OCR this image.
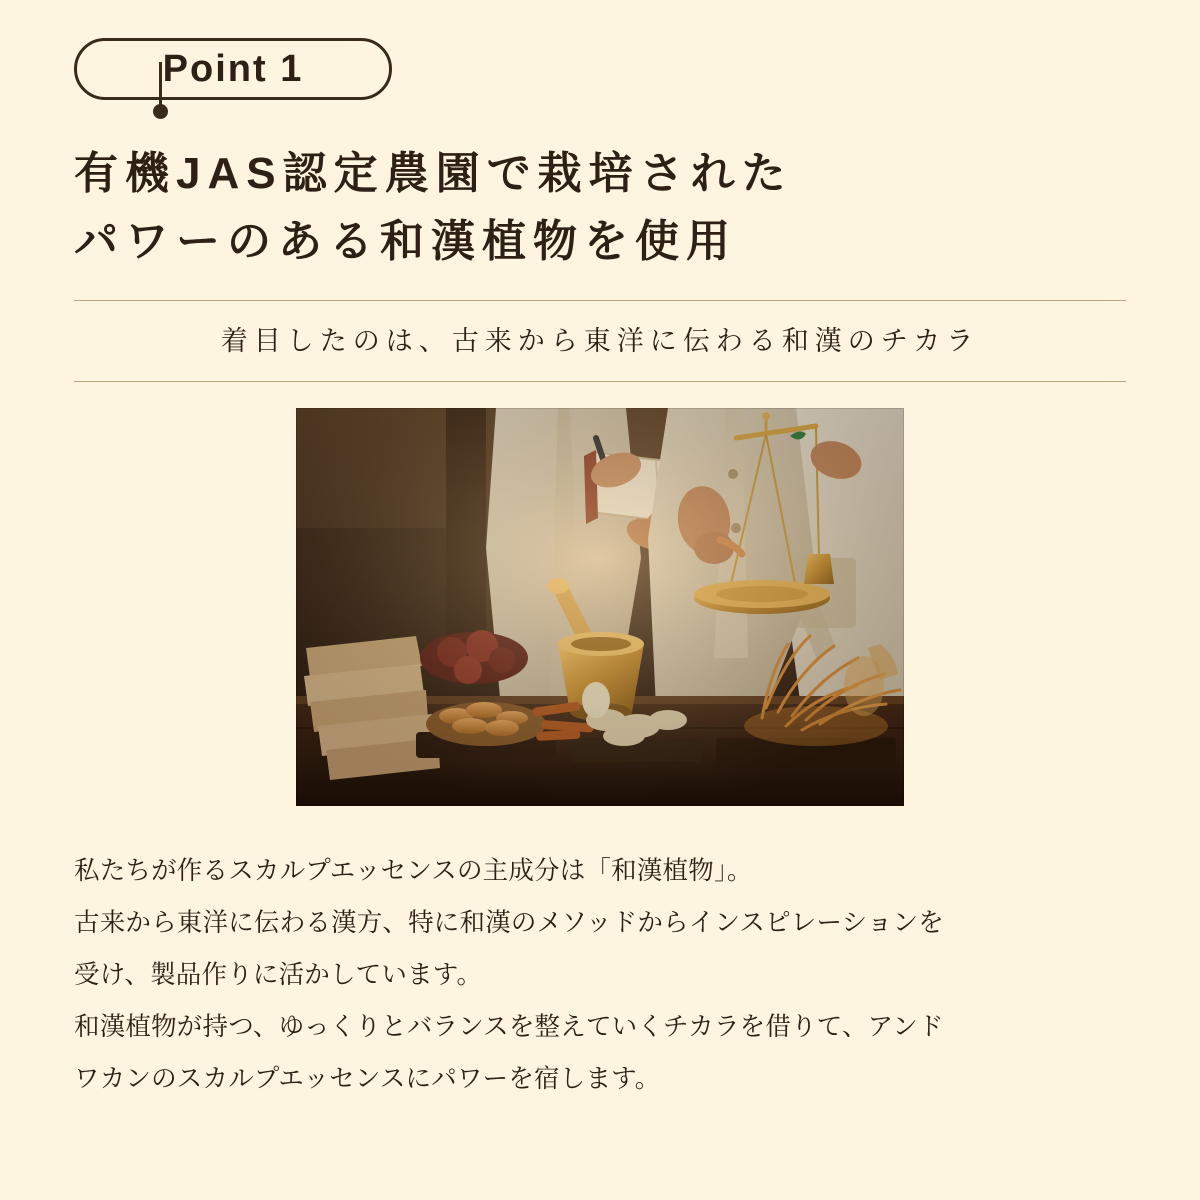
Point 1
有機JAS認定農園で栽培された
パワーのある和漢植物を使用
着目したのは、古来から東洋に伝わる和漢のチカラ

私たちが作るスカルプエッセンスの主成分は「和漢植物」。

古来から東洋に伝わる漢方、特に和漢のメソッドからインスピレーションを

受け、製品作りに活かしています。

和漢植物が持つ、ゆっくりとバランスを整えていくチカラを借りて、アンド

ワカンのスカルプエッセンスにパワーを宿します。
